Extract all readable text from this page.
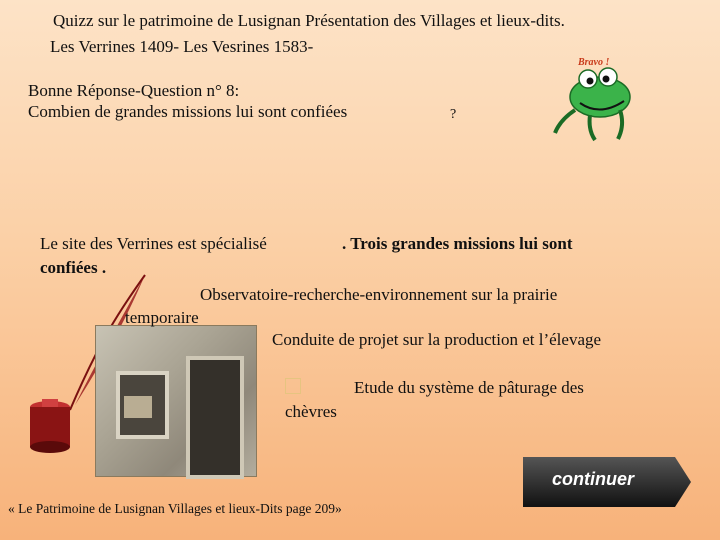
Quizz sur le patrimoine de Lusignan Présentation des Villages et lieux-dits.
Les Verrines 1409- Les Vesrines 1583-
Bonne Réponse-Question n° 8:
Combien de grandes missions lui sont confiées	?
Bravo !
Le site des Verrines est spécialisé	. Trois grandes missions lui sont
confiées .
Observatoire-recherche-environnement sur la prairie
temporaire
Conduite de projet sur la production et l’élevage
Etude du système de pâturage des
chèvres
continuer
« Le Patrimoine de Lusignan Villages et lieux-Dits page 209»
